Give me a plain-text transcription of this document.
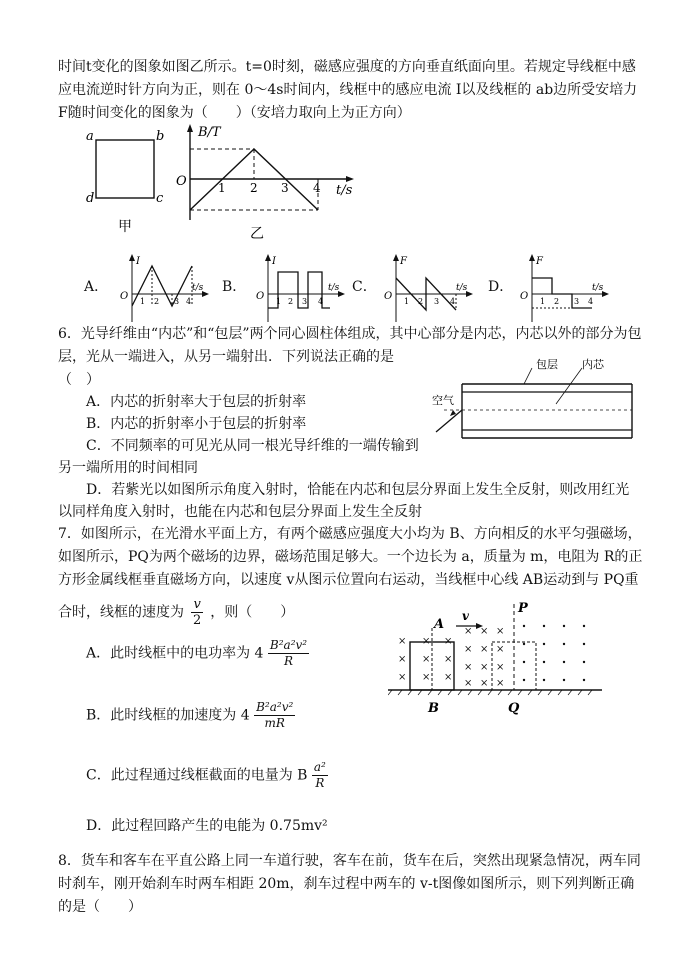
时间t变化的图象如图乙所示。t=0时刻，磁感应强度的方向垂直纸面向里。若规定导线框中感
应电流逆时针方向为正，则在 0～4s时间内，线框中的感应电流 I以及线框的 ab边所受安培力
F随时间变化的图象为（　　）（安培力取向上为正方向）
a	b
c
d
甲
B/T
t/s
O	1 2 3 4
乙
A．
I
t/s
O 1 2 3 4
B．
I
t/s
O 1 2 3 4
C．
F
t/s
O 1 2 3 4
D．
F
t/s
O 1 2 3 4
6．光导纤维由“内芯”和“包层”两个同心圆柱体组成，其中心部分是内芯，内芯以外的部分为包
层，光从一端进入，从另一端射出．下列说法正确的是
（　）
A．内芯的折射率大于包层的折射率
B．内芯的折射率小于包层的折射率
C．不同频率的可见光从同一根光导纤维的一端传输到
另一端所用的时间相同
D．若紫光以如图所示角度入射时，恰能在内芯和包层分界面上发生全反射，则改用红光
以同样角度入射时，也能在内芯和包层分界面上发生全反射
包层 内芯
空气
7．如图所示，在光滑水平面上方，有两个磁感应强度大小均为 B、方向相反的水平匀强磁场，
如图所示，PQ为两个磁场的边界，磁场范围足够大。一个边长为 a，质量为 m，电阻为 R的正
方形金属线框垂直磁场方向，以速度 v从图示位置向右运动，当线框中心线 AB运动到与 PQ重
合时，线框的速度为 $\frac{v}{2}$ ，则（　　）
A．此时线框中的电功率为 $4 \frac{\text{B²a²v²}}{R}$
B．此时线框的加速度为 $4 \frac{\text{B²a²v²}}{mR}$
C．此过程通过线框截面的电量为 B $\frac{\text{a²}}{R}$
D．此过程回路产生的电能为 0.75mv²
×
×
×
×
×
×
×
×
×
×
×
×
×
×
×
×
×
×
×
×
×
A
B
v	P
Q
8．货车和客车在平直公路上同一车道行驶，客车在前，货车在后，突然出现紧急情况，两车同
时刹车，刚开始刹车时两车相距 20m，刹车过程中两车的 v-t图像如图所示，则下列判断正确
的是（　　）
